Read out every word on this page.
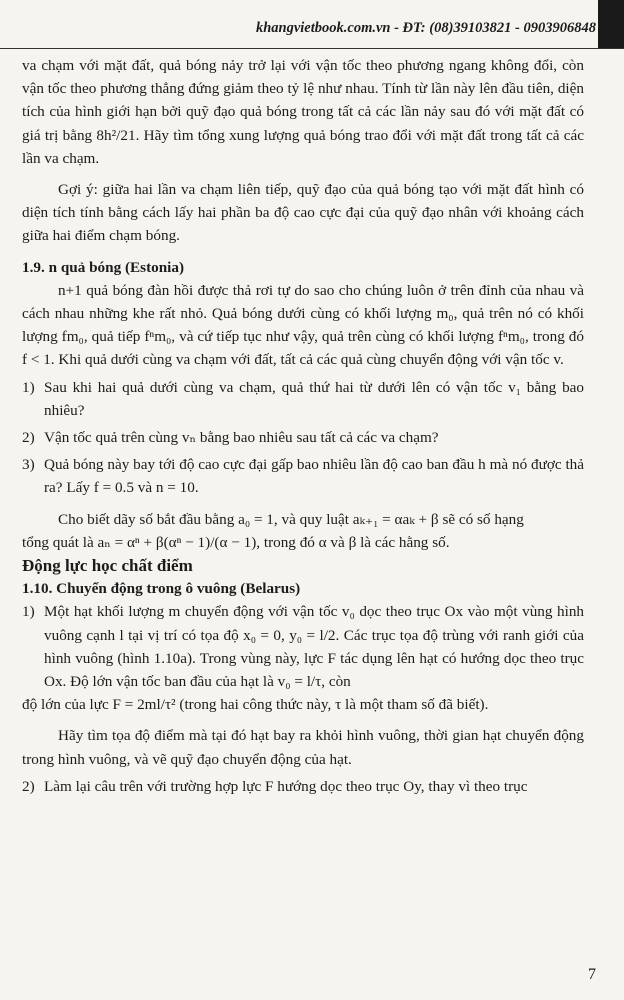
khangvietbook.com.vn - ĐT: (08)39103821 - 0903906848

va chạm với mặt đất, quả bóng nảy trở lại với vận tốc theo phương ngang không đổi, còn vận tốc theo phương thẳng đứng giảm theo tỷ lệ như nhau. Tính từ lần này lên đầu tiên, diện tích của hình giới hạn bởi quỹ đạo quả bóng trong tất cả các lần nảy sau đó với mặt đất có giá trị bằng 8h²/21. Hãy tìm tổng xung lượng quả bóng trao đổi với mặt đất trong tất cả các lần va chạm.

Gợi ý: giữa hai lần va chạm liên tiếp, quỹ đạo của quả bóng tạo với mặt đất hình có diện tích tính bằng cách lấy hai phần ba độ cao cực đại của quỹ đạo nhân với khoảng cách giữa hai điểm chạm bóng.

1.9. n quả bóng (Estonia)

n+1 quả bóng đàn hồi được thả rơi tự do sao cho chúng luôn ở trên đỉnh của nhau và cách nhau những khe rất nhỏ. Quả bóng dưới cùng có khối lượng m₀, quả trên nó có khối lượng fm₀, quả tiếp fⁿm₀, và cứ tiếp tục như vậy, quả trên cùng có khối lượng fⁿm₀, trong đó f < 1. Khi quả dưới cùng va chạm với đất, tất cả các quả cùng chuyển động với vận tốc v.

1) Sau khi hai quả dưới cùng va chạm, quả thứ hai từ dưới lên có vận tốc v₁ bằng bao nhiêu?
2) Vận tốc quả trên cùng vₙ bằng bao nhiêu sau tất cả các va chạm?
3) Quả bóng này bay tới độ cao cực đại gấp bao nhiêu lần độ cao ban đầu h mà nó được thả ra? Lấy f = 0.5 và n = 10.

Cho biết dãy số bắt đầu bằng a₀ = 1, và quy luật aₖ₊₁ = αaₖ + β sẽ có số hạng

tổng quát là aₙ = αⁿ + β(αⁿ − 1)/(α − 1), trong đó α và β là các hằng số.

Động lực học chất điểm

1.10. Chuyển động trong ô vuông (Belarus)

1) Một hạt khối lượng m chuyển động với vận tốc v₀ dọc theo trục Ox vào một vùng hình vuông cạnh l tại vị trí có tọa độ x₀ = 0, y₀ = l/2. Các trục tọa độ trùng với ranh giới của hình vuông (hình 1.10a). Trong vùng này, lực F tác dụng lên hạt có hướng dọc theo trục Ox. Độ lớn vận tốc ban đầu của hạt là v₀ = l/τ, còn

độ lớn của lực F = 2ml/τ² (trong hai công thức này, τ là một tham số đã biết).

Hãy tìm tọa độ điểm mà tại đó hạt bay ra khỏi hình vuông, thời gian hạt chuyển động trong hình vuông, và vẽ quỹ đạo chuyển động của hạt.

2) Làm lại câu trên với trường hợp lực F hướng dọc theo trục Oy, thay vì theo trục
7
